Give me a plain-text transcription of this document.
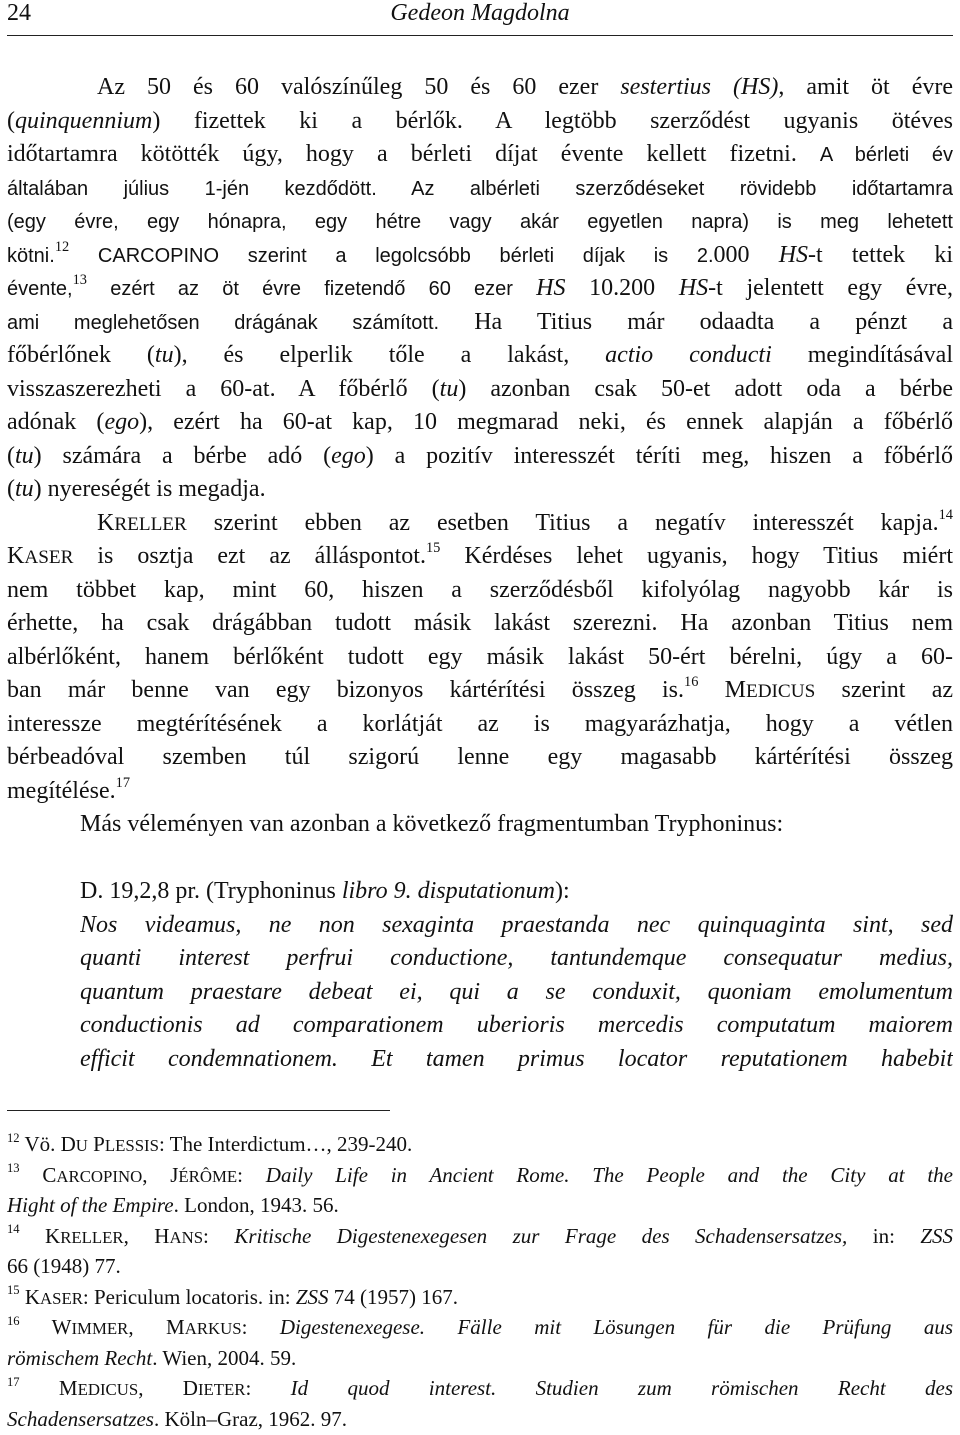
24	Gedeon Magdolna
Az 50 és 60 valószínűleg 50 és 60 ezer sestertius (HS), amit öt évre
(quinquennium) fizettek ki a bérlők. A legtöbb szerződést ugyanis ötéves
időtartamra kötötték úgy, hogy a bérleti díjat évente kellett fizetni. A bérleti év
általában július 1-jén kezdődött. Az albérleti szerződéseket rövidebb időtartamra
(egy évre, egy hónapra, egy hétre vagy akár egyetlen napra) is meg lehetett
kötni.$^{12}$ CARCOPINO szerint a legolcsóbb bérleti díjak is 2.000 HS-t tettek ki
évente,$^{13}$ ezért az öt évre fizetendő 60 ezer HS 10.200 HS-t jelentett egy évre,
ami meglehetősen drágának számított. Ha Titius már odaadta a pénzt a
főbérlőnek (tu), és elperlik tőle a lakást, actio conducti megindításával
visszaszerezheti a 60-at. A főbérlő (tu) azonban csak 50-et adott oda a bérbe
adónak (ego), ezért ha 60-at kap, 10 megmarad neki, és ennek alapján a főbérlő
(tu) számára a bérbe adó (ego) a pozitív interesszét téríti meg, hiszen a főbérlő
(tu) nyereségét is megadja.
KRELLER szerint ebben az esetben Titius a negatív interesszét kapja.$^{14}$
KASER is osztja ezt az álláspontot.$^{15}$ Kérdéses lehet ugyanis, hogy Titius miért
nem többet kap, mint 60, hiszen a szerződésből kifolyólag nagyobb kár is
érhette, ha csak drágábban tudott másik lakást szerezni. Ha azonban Titius nem
albérlőként, hanem bérlőként tudott egy másik lakást 50-ért bérelni, úgy a 60-
ban már benne van egy bizonyos kártérítési összeg is.$^{16}$ MEDICUS szerint az
interessze megtérítésének a korlátját az is magyarázhatja, hogy a vétlen
bérbeadóval szemben túl szigorú lenne egy magasabb kártérítési összeg
megítélése.$^{17}$
Más véleményen van azonban a következő fragmentumban Tryphoninus:
D. 19,2,8 pr. (Tryphoninus libro 9. disputationum):
Nos videamus, ne non sexaginta praestanda nec quinquaginta sint, sed
quanti interest perfrui conductione, tantundemque consequatur medius,
quantum praestare debeat ei, qui a se conduxit, quoniam emolumentum
conductionis ad comparationem uberioris mercedis computatum maiorem
efficit condemnationem. Et tamen primus locator reputationem habebit
$^{12}$ Vö. DU PLESSIS: The Interdictum…, 239-240.
$^{13}$ CARCOPINO, JÉRÔME: Daily Life in Ancient Rome. The People and the City at the
Hight of the Empire. London, 1943. 56.
$^{14}$ KRELLER, HANS: Kritische Digestenexegesen zur Frage des Schadensersatzes, in: ZSS
66 (1948) 77.
$^{15}$ KASER: Periculum locatoris. in: ZSS 74 (1957) 167.
$^{16}$ WIMMER, MARKUS: Digestenexegese. Fälle mit Lösungen für die Prüfung aus
römischem Recht. Wien, 2004. 59.
$^{17}$ MEDICUS, DIETER: Id quod interest. Studien zum römischen Recht des
Schadensersatzes. Köln–Graz, 1962. 97.
